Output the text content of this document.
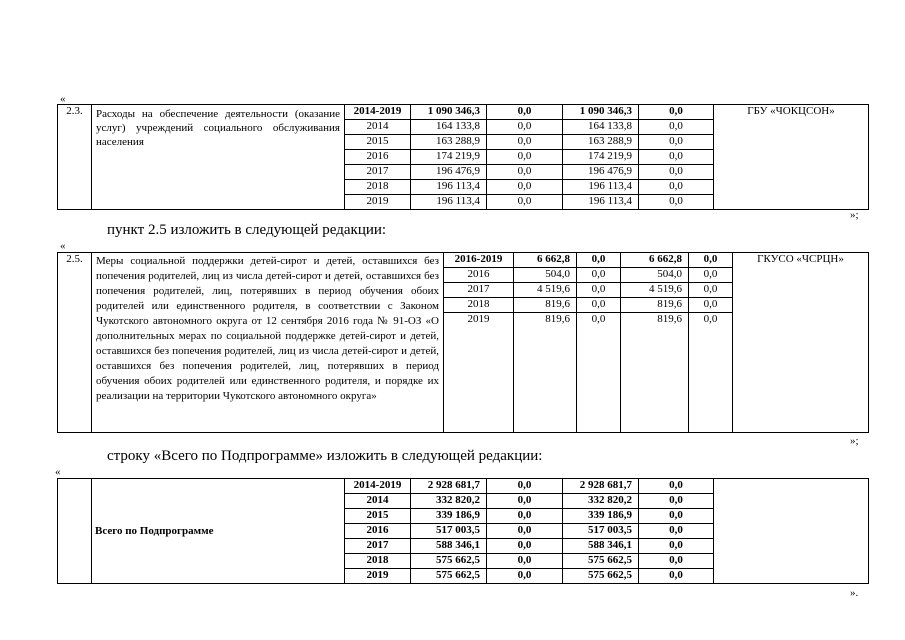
«
2.3.	Расходы на обеспечение деятельности (оказание услуг) учреждений социального обслуживания населения	2014-2019	1 090 346,3	0,0	1 090 346,3	0,0	ГБУ «ЧОКЦСОН»
		2014	164 133,8	0,0	164 133,8	0,0	
		2015	163 288,9	0,0	163 288,9	0,0	
		2016	174 219,9	0,0	174 219,9	0,0	
		2017	196 476,9	0,0	196 476,9	0,0	
		2018	196 113,4	0,0	196 113,4	0,0	
		2019	196 113,4	0,0	196 113,4	0,0	
»;
пункт 2.5 изложить в следующей редакции:
«
2.5.	Меры социальной поддержки детей-сирот и детей, оставшихся без попечения родителей, лиц из числа детей-сирот и детей, оставшихся без попечения родителей, лиц, потерявших в период обучения обоих родителей или единственного родителя, в соответствии с Законом Чукотского автономного округа от 12 сентября 2016 года № 91-ОЗ «О дополнительных мерах по социальной поддержке детей-сирот и детей, оставшихся без попечения родителей, лиц из числа детей-сирот и детей, оставшихся без попечения родителей, лиц, потерявших в период обучения обоих родителей или единственного родителя, и порядке их реализации на территории Чукотского автономного округа»	2016-2019	6 662,8	0,0	6 662,8	0,0	ГКУСО «ЧСРЦН»
		2016	504,0	0,0	504,0	0,0	
		2017	4 519,6	0,0	4 519,6	0,0	
		2018	819,6	0,0	819,6	0,0	
		2019	819,6	0,0	819,6	0,0	
»;
строку «Всего по Подпрограмме» изложить в следующей редакции:
«
	Всего по Подпрограмме	2014-2019	2 928 681,7	0,0	2 928 681,7	0,0	
		2014	332 820,2	0,0	332 820,2	0,0	
		2015	339 186,9	0,0	339 186,9	0,0	
		2016	517 003,5	0,0	517 003,5	0,0	
		2017	588 346,1	0,0	588 346,1	0,0	
		2018	575 662,5	0,0	575 662,5	0,0	
		2019	575 662,5	0,0	575 662,5	0,0	
».
